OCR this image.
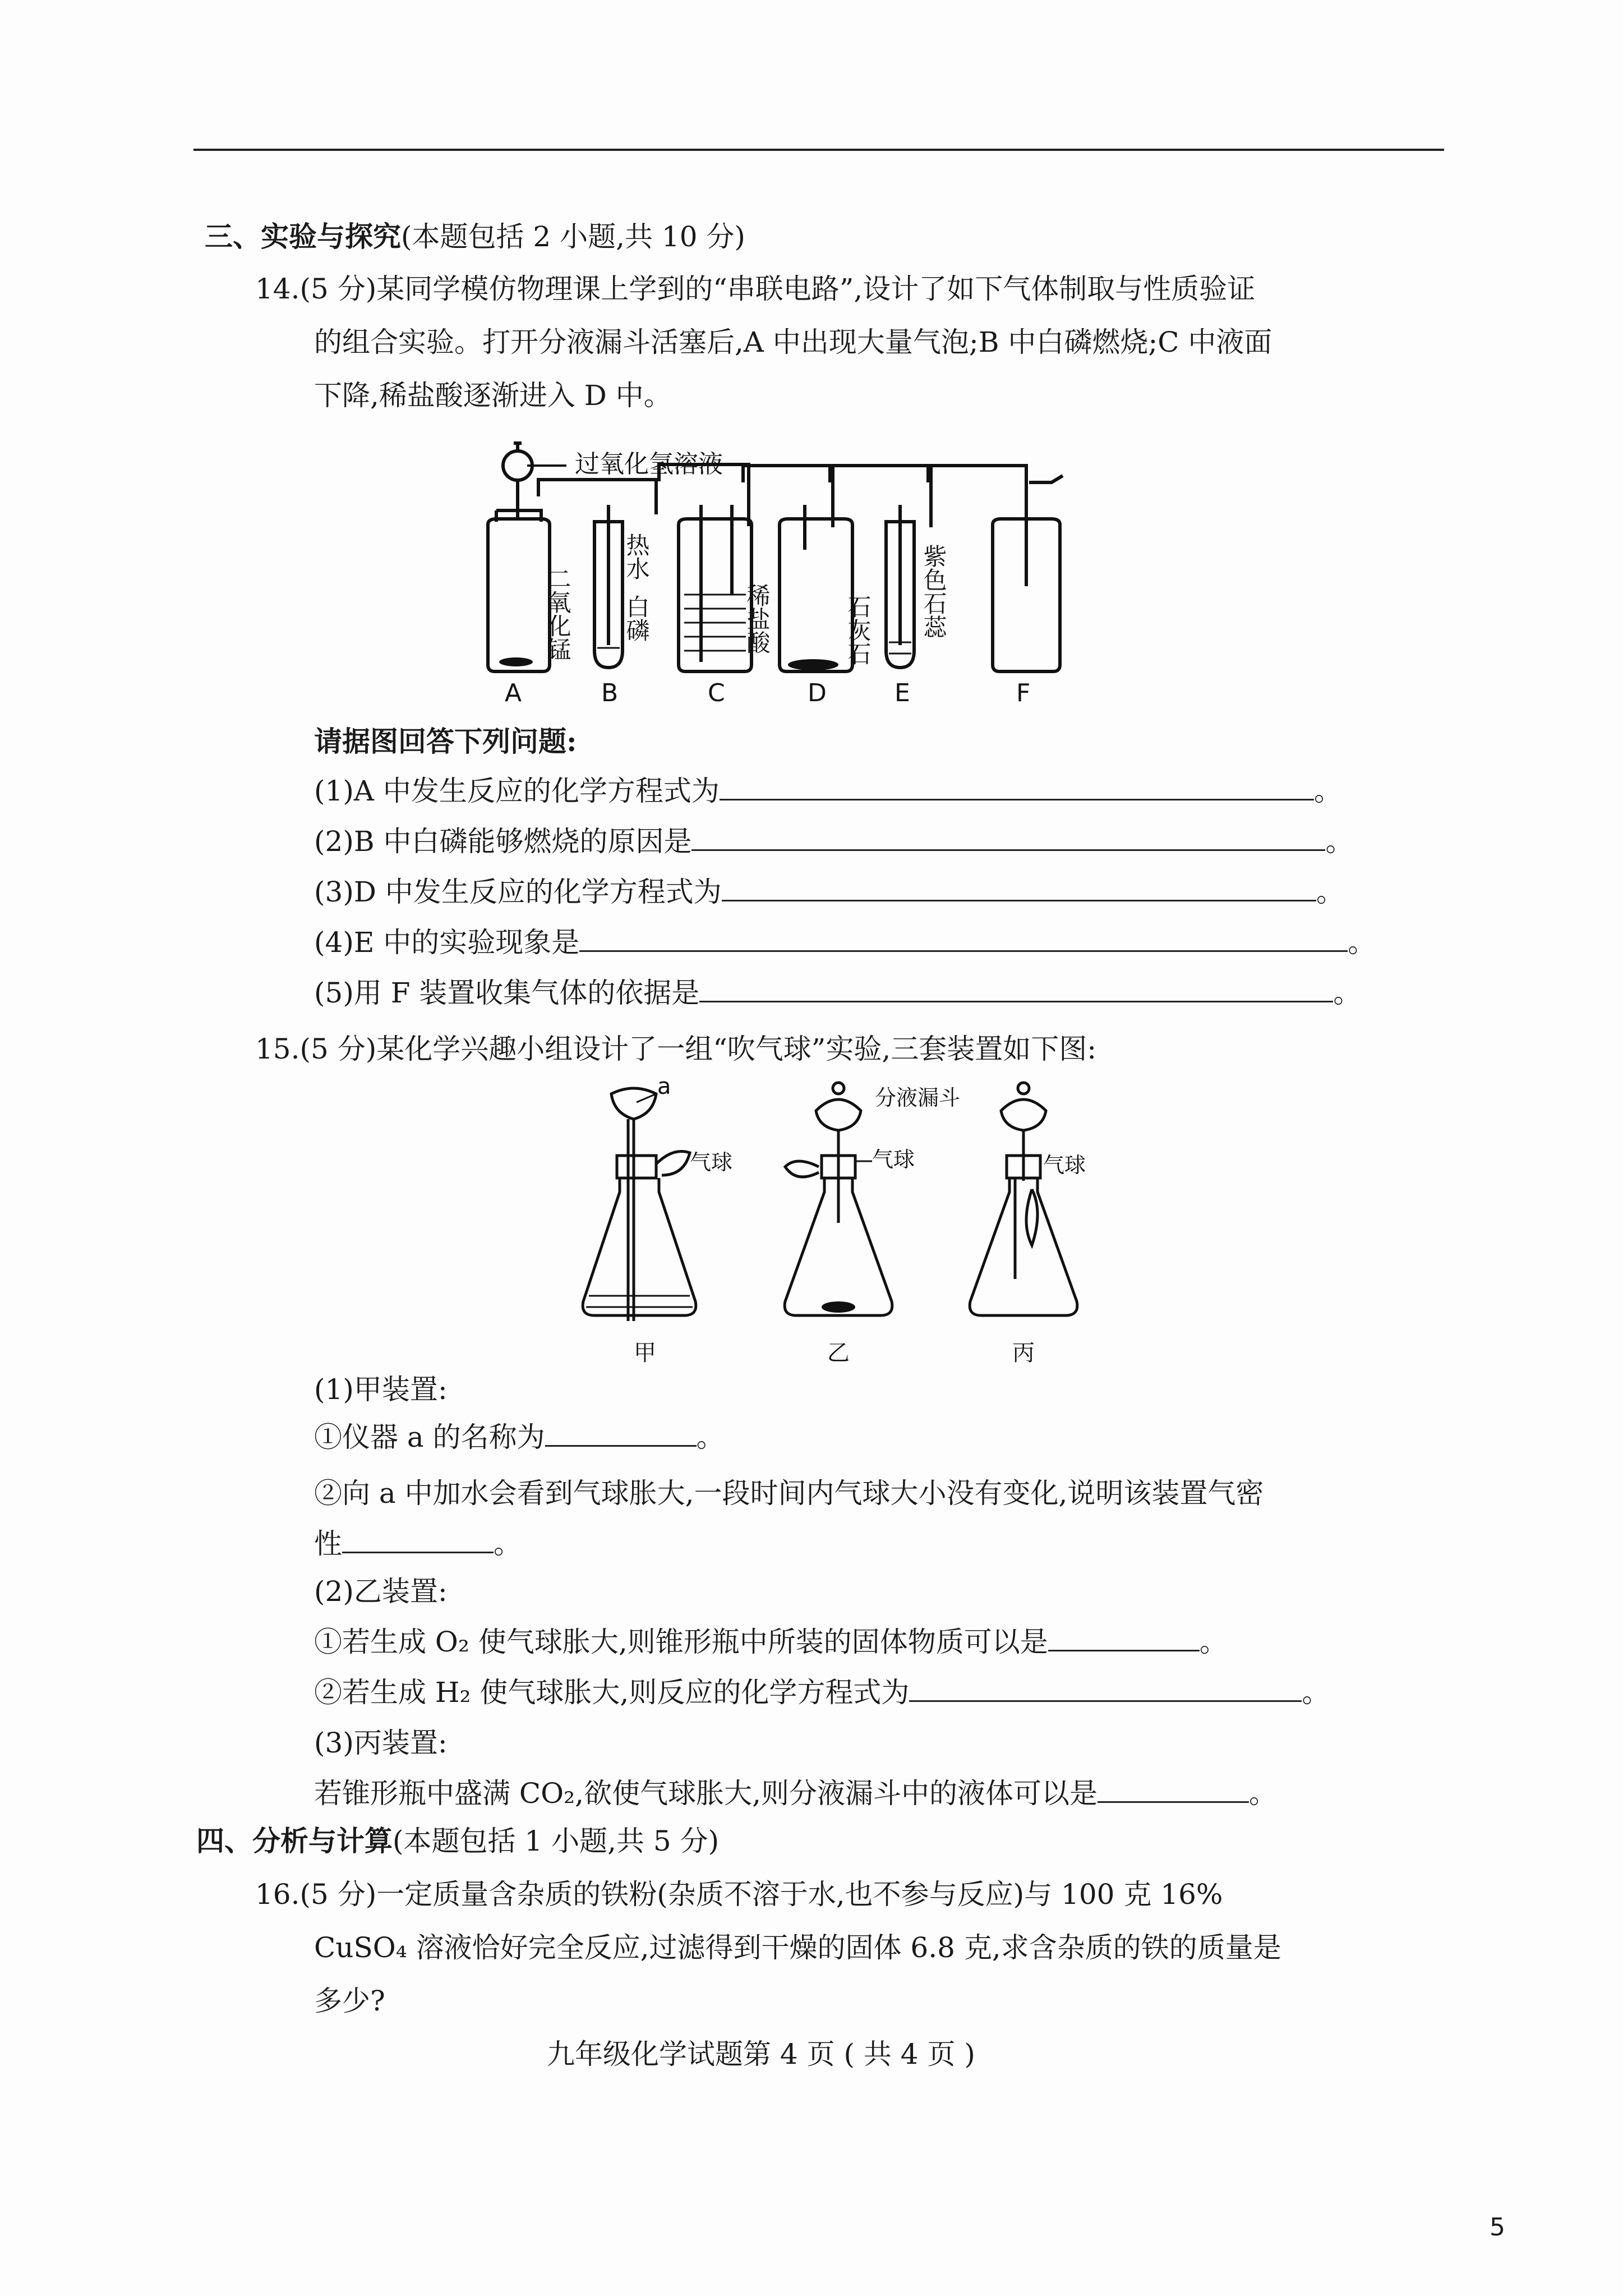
三、实验与探究(本题包括 2 小题,共 10 分)
14.(5 分)某同学模仿物理课上学到的“串联电路”,设计了如下气体制取与性质验证
的组合实验。打开分液漏斗活塞后,A 中出现大量气泡;B 中白磷燃烧;C 中液面
下降,稀盐酸逐渐进入 D 中。
过氧化氢溶液
二氧化锰
热水
白磷	稀盐酸	石灰石 紫色石蕊
A	B	C	D	E	F
请据图回答下列问题:
(1)A 中发生反应的化学方程式为	。
(2)B 中白磷能够燃烧的原因是	。
(3)D 中发生反应的化学方程式为	。
(4)E 中的实验现象是	。
(5)用 F 装置收集气体的依据是	。
15.(5 分)某化学兴趣小组设计了一组“吹气球”实验,三套装置如下图:
a
气球
分液漏斗
气球	气球
甲	乙	丙
(1)甲装置:
①仪器 a 的名称为	。
②向 a 中加水会看到气球胀大,一段时间内气球大小没有变化,说明该装置气密
性	。
(2)乙装置:
①若生成 O₂ 使气球胀大,则锥形瓶中所装的固体物质可以是	。
②若生成 H₂ 使气球胀大,则反应的化学方程式为	。
(3)丙装置:
若锥形瓶中盛满 CO₂,欲使气球胀大,则分液漏斗中的液体可以是	。
四、分析与计算(本题包括 1 小题,共 5 分)
16.(5 分)一定质量含杂质的铁粉(杂质不溶于水,也不参与反应)与 100 克 16%
CuSO₄ 溶液恰好完全反应,过滤得到干燥的固体 6.8 克,求含杂质的铁的质量是
多少?
九年级化学试题第 4 页 ( 共 4 页 )
5
